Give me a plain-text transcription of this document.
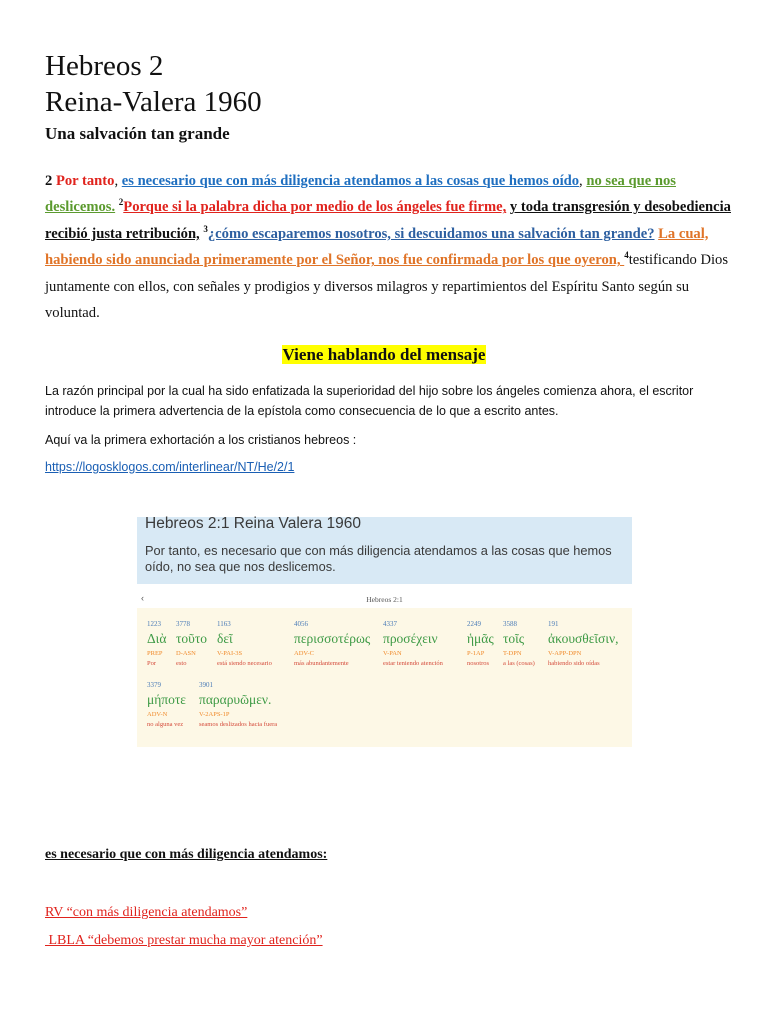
Hebreos 2
Reina-Valera 1960
Una salvación tan grande
2 Por tanto, es necesario que con más diligencia atendamos a las cosas que hemos oído, no sea que nos deslicemos. $^2$Porque si la palabra dicha por medio de los ángeles fue firme, y toda transgresión y desobediencia recibió justa retribución, $^3$¿cómo escaparemos nosotros, si descuidamos una salvación tan grande? La cual, habiendo sido anunciada primeramente por el Señor, nos fue confirmada por los que oyeron, $^4$testificando Dios juntamente con ellos, con señales y prodigios y diversos milagros y repartimientos del Espíritu Santo según su voluntad.
Viene hablando del mensaje
La razón principal por la cual ha sido enfatizada la superioridad del hijo sobre los ángeles comienza ahora, el escritor introduce la primera advertencia de la epístola como consecuencia de lo que a escrito antes.
Aquí va la primera exhortación a los cristianos hebreos :
https://logosklogos.com/interlinear/NT/He/2/1
Hebreos 2:1 Reina Valera 1960
Por tanto, es necesario que con más diligencia atendamos a las cosas que hemos oído, no sea que nos deslicemos.
‹	Hebreos 2:1
1223
Διὰ
PREP
Por
3778
τοῦτο
D-ASN
esto
1163
δεῖ
V-PAI-3S
está siendo necesario
4056
περισσοτέρως
ADV-C
más abundantemente
4337
προσέχειν
V-PAN
estar teniendo atención
2249
ἡμᾶς
P-1AP
nosotros
3588
τοῖς
T-DPN
a las (cosas)
191
ἀκουσθεῖσιν,
V-APP-DPN
habiendo sido oídas
3379
μήποτε
ADV-N
no alguna vez
3901
παραρυῶμεν.
V-2APS-1P
seamos deslizados hacia fuera
es necesario que con más diligencia atendamos:
RV “con más diligencia atendamos”
LBLA “debemos prestar mucha mayor atención”
